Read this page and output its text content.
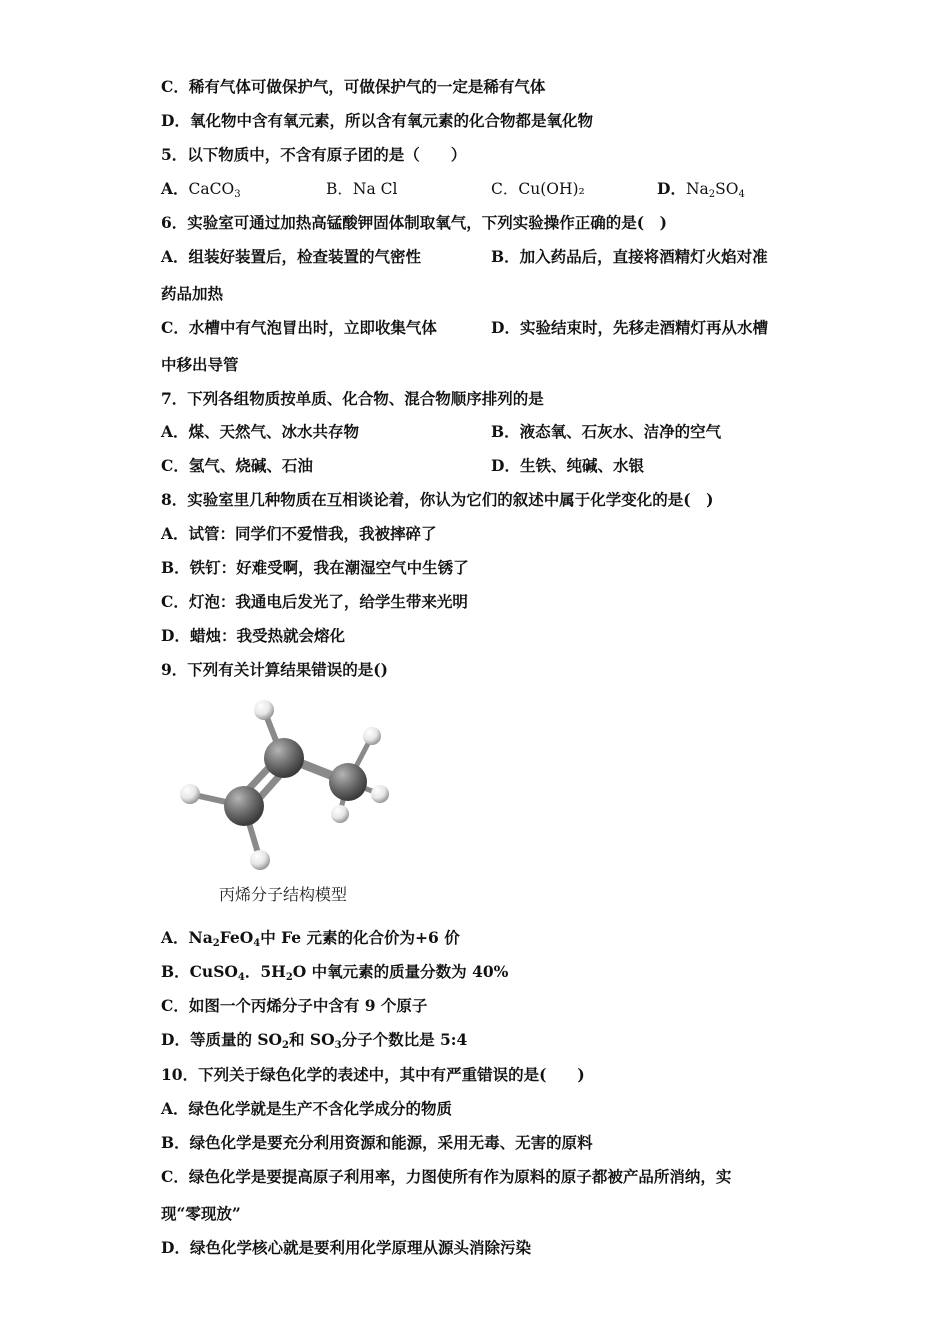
C．稀有气体可做保护气，可做保护气的一定是稀有气体
D．氧化物中含有氧元素，所以含有氧元素的化合物都是氧化物
5．以下物质中，不含有原子团的是（　　）
A．CaCO$_3$	B．Na Cl	C．Cu(OH)₂	D．$Na_2SO_4$
6．实验室可通过加热高锰酸钾固体制取氧气，下列实验操作正确的是(　)
A．组装好装置后，检查装置的气密性	B．加入药品后，直接将酒精灯火焰对准
药品加热
C．水槽中有气泡冒出时，立即收集气体	D．实验结束时，先移走酒精灯再从水槽
中移出导管
7．下列各组物质按单质、化合物、混合物顺序排列的是
A．煤、天然气、冰水共存物	B．液态氧、石灰水、洁净的空气
C．氢气、烧碱、石油	D．生铁、纯碱、水银
8．实验室里几种物质在互相谈论着，你认为它们的叙述中属于化学变化的是(　)
A．试管：同学们不爱惜我，我被摔碎了
B．铁钉：好难受啊，我在潮湿空气中生锈了
C．灯泡：我通电后发光了，给学生带来光明
D．蜡烛：我受热就会熔化
9．下列有关计算结果错误的是()
丙烯分子结构模型
A．$Na_2FeO_4$中 Fe 元素的化合价为+6 价
B．CuSO$_4$．$5H_2O$ 中氧元素的质量分数为 40%
C．如图一个丙烯分子中含有 9 个原子
D．等质量的 $SO_2$和 $SO_3$分子个数比是 5:4
10．下列关于绿色化学的表述中，其中有严重错误的是(　　)
A．绿色化学就是生产不含化学成分的物质
B．绿色化学是要充分利用资源和能源，采用无毒、无害的原料
C．绿色化学是要提高原子利用率，力图使所有作为原料的原子都被产品所消纳，实
现“零现放”
D．绿色化学核心就是要利用化学原理从源头消除污染
